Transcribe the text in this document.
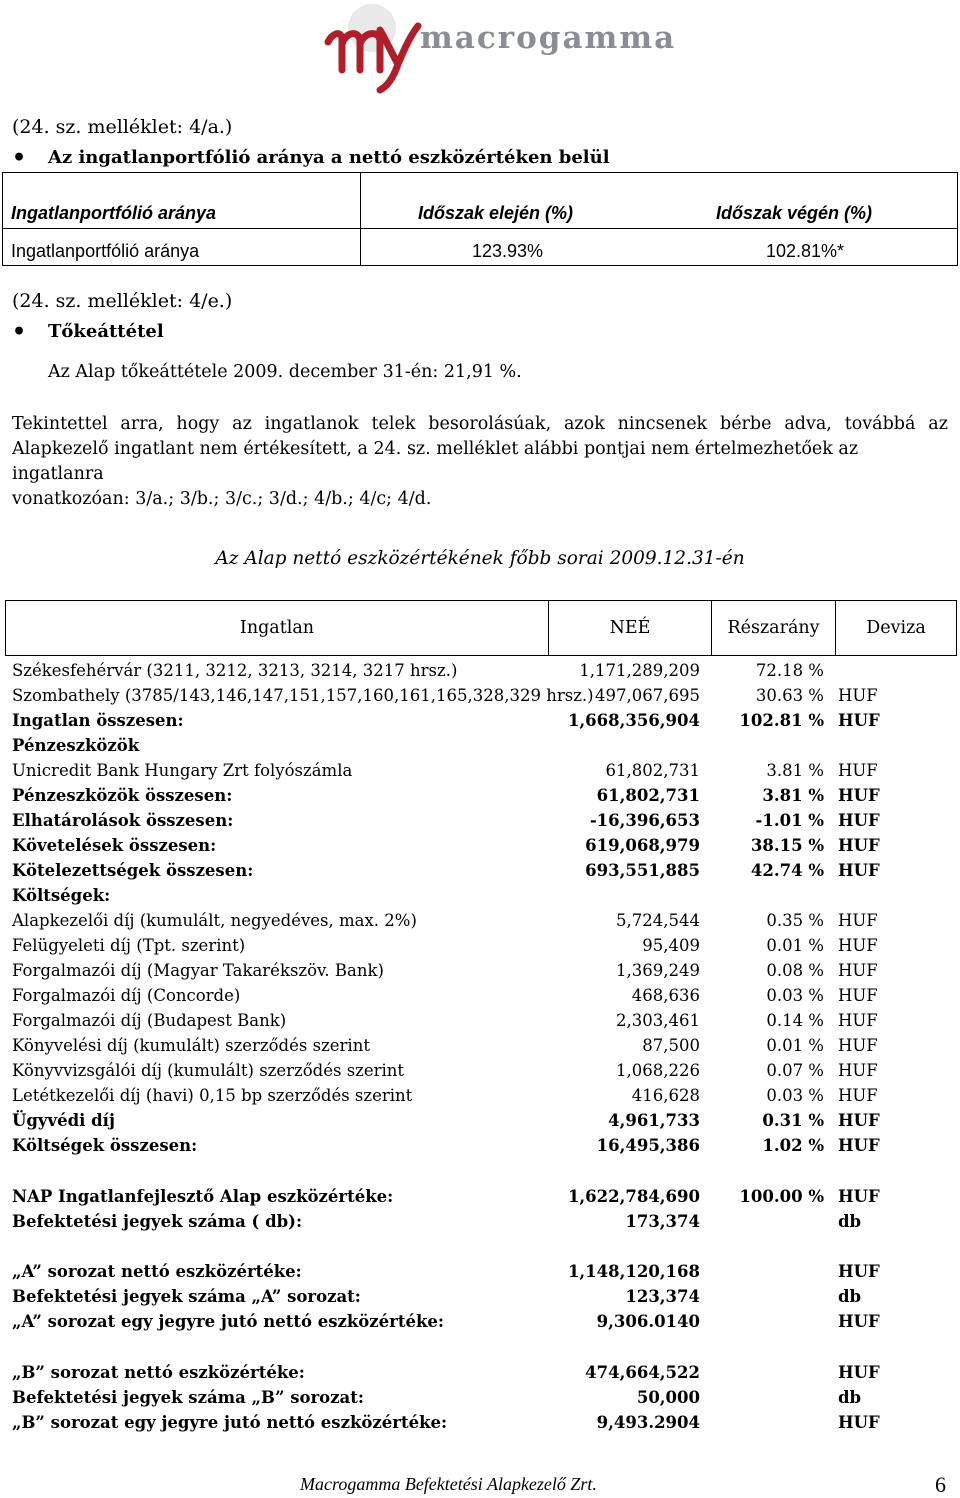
macrogamma
(24. sz. melléklet: 4/a.)
• Az ingatlanportfólió aránya a nettó eszközértéken belül
Ingatlanportfólió aránya	Időszak elején (%)	Időszak végén (%)
Ingatlanportfólió aránya	123.93%	102.81%*
(24. sz. melléklet: 4/e.)
• Tőkeáttétel
Az Alap tőkeáttétele 2009. december 31-én: 21,91 %.
Tekintettel arra, hogy az ingatlanok telek besorolásúak, azok nincsenek bérbe adva, továbbá az
Alapkezelő ingatlant nem értékesített, a 24. sz. melléklet alábbi pontjai nem értelmezhetőek az ingatlanra
vonatkozóan: 3/a.; 3/b.; 3/c.; 3/d.; 4/b.; 4/c; 4/d.
Az Alap nettó eszközértékének főbb sorai 2009.12.31-én
Ingatlan	NEÉ	Részarány	Deviza
Székesfehérvár (3211, 3212, 3213, 3214, 3217 hrsz.)	1,171,289,209	72.18 %
Szombathely (3785/143,146,147,151,157,160,161,165,328,329 hrsz.) 497,067,695	30.63 % HUF
Ingatlan összesen:	1,668,356,904 102.81 % HUF
Pénzeszközök
Unicredit Bank Hungary Zrt folyószámla	61,802,731	3.81 % HUF
Pénzeszközök összesen:	61,802,731	3.81 % HUF
Elhatárolások összesen:	-16,396,653	-1.01 % HUF
Követelések összesen:	619,068,979	38.15 % HUF
Kötelezettségek összesen:	693,551,885	42.74 % HUF
Költségek:
Alapkezelői díj (kumulált, negyedéves, max. 2%)	5,724,544	0.35 % HUF
Felügyeleti díj (Tpt. szerint)	95,409	0.01 % HUF
Forgalmazói díj (Magyar Takarékszöv. Bank)	1,369,249	0.08 % HUF
Forgalmazói díj (Concorde)	468,636	0.03 % HUF
Forgalmazói díj (Budapest Bank)	2,303,461	0.14 % HUF
Könyvelési díj (kumulált) szerződés szerint	87,500	0.01 % HUF
Könyvvizsgálói díj (kumulált) szerződés szerint	1,068,226	0.07 % HUF
Letétkezelői díj (havi) 0,15 bp szerződés szerint	416,628	0.03 % HUF
Ügyvédi díj	4,961,733	0.31 % HUF
Költségek összesen:	16,495,386	1.02 % HUF
NAP Ingatlanfejlesztő Alap eszközértéke:	1,622,784,690 100.00 % HUF
Befektetési jegyek száma ( db):	173,374	db
„A” sorozat nettó eszközértéke:	1,148,120,168	HUF
Befektetési jegyek száma „A” sorozat:	123,374	db
„A” sorozat egy jegyre jutó nettó eszközértéke:	9,306.0140	HUF
„B” sorozat nettó eszközértéke:	474,664,522	HUF
Befektetési jegyek száma „B” sorozat:	50,000	db
„B” sorozat egy jegyre jutó nettó eszközértéke:	9,493.2904	HUF
Macrogamma Befektetési Alapkezelő Zrt.	6
